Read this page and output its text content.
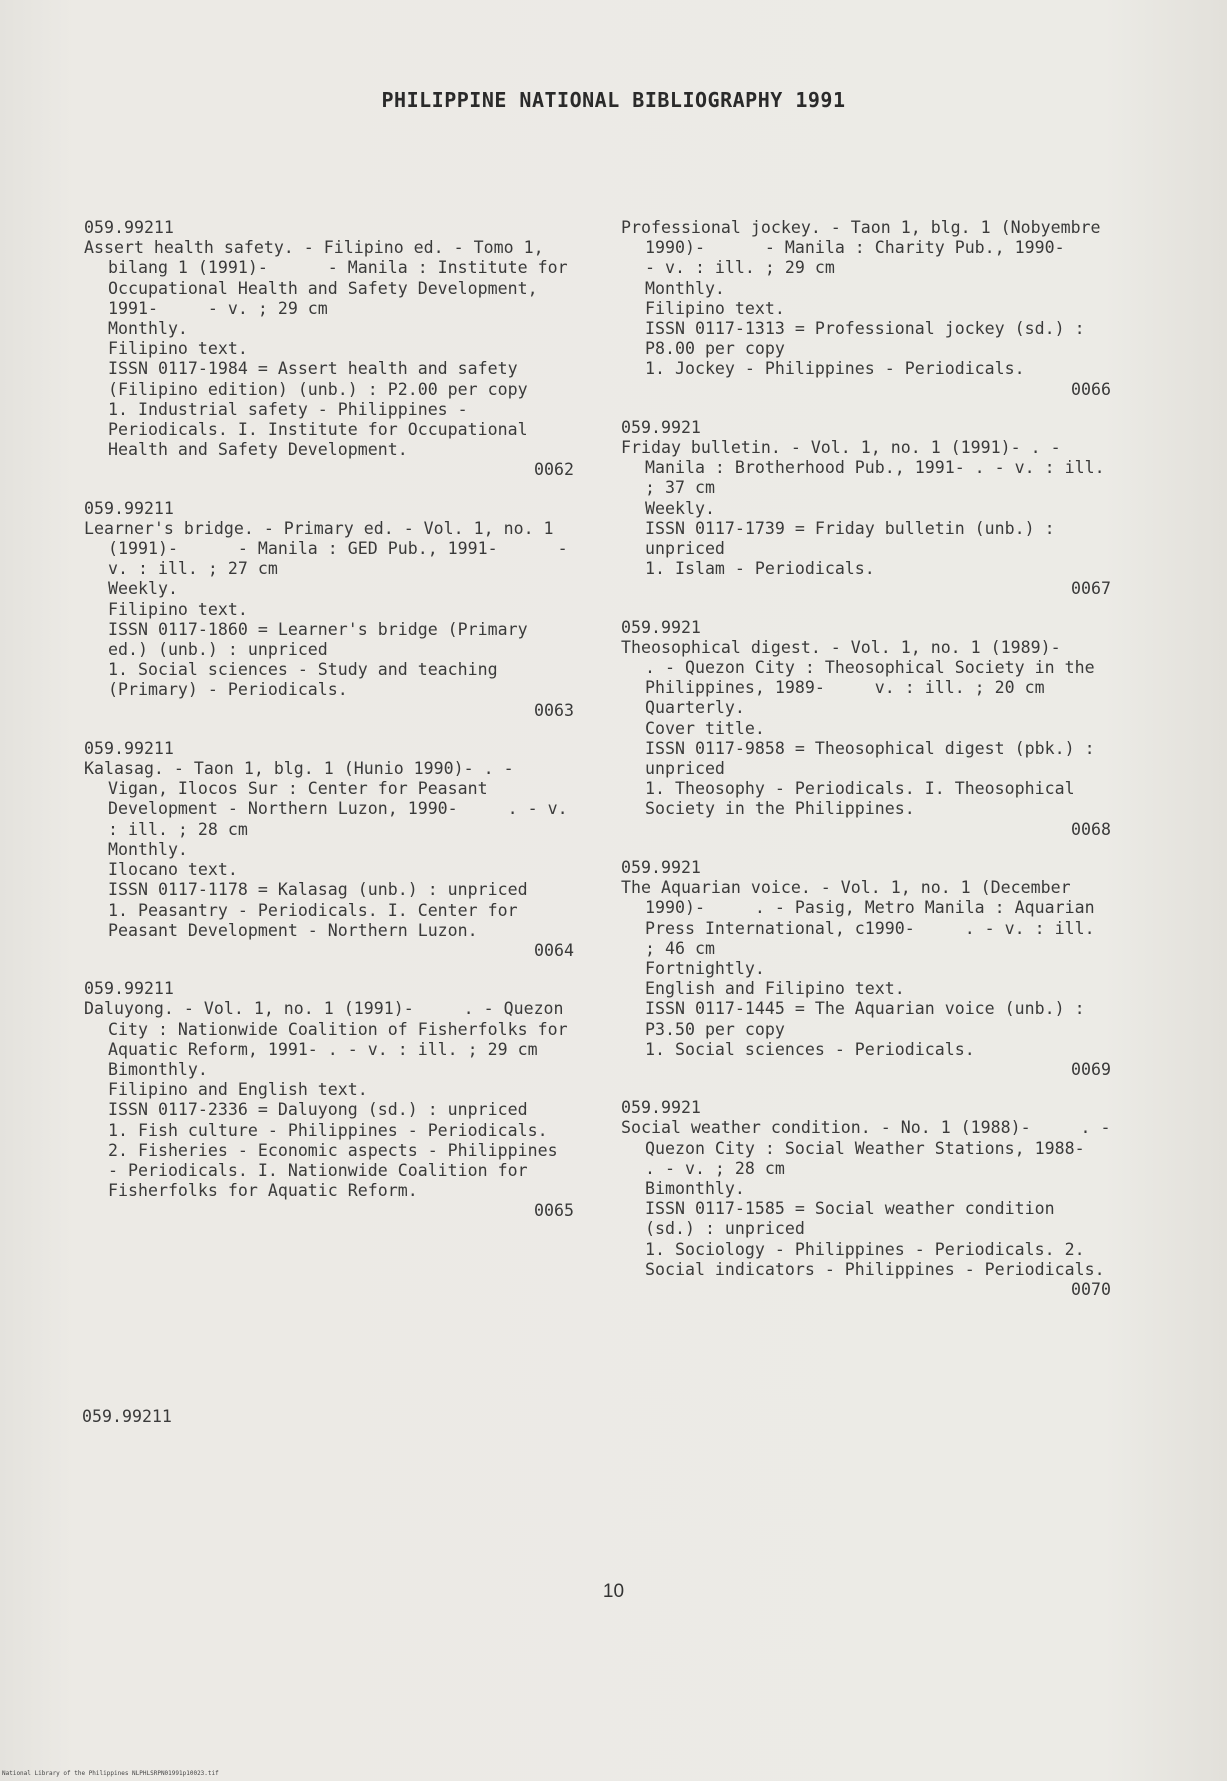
PHILIPPINE NATIONAL BIBLIOGRAPHY 1991
059.99211
Assert health safety. - Filipino ed. - Tomo 1, bilang 1 (1991)-      - Manila : Institute for Occupational Health and Safety Development, 1991-     - v. ; 29 cm
Monthly.
Filipino text.
ISSN 0117-1984 = Assert health and safety (Filipino edition) (unb.) : P2.00 per copy
1. Industrial safety - Philippines - Periodicals. I. Institute for Occupational Health and Safety Development.
0062
059.99211
Learner's bridge. - Primary ed. - Vol. 1, no. 1 (1991)-      - Manila : GED Pub., 1991-      - v. : ill. ; 27 cm
Weekly.
Filipino text.
ISSN 0117-1860 = Learner's bridge (Primary ed.) (unb.) : unpriced
1. Social sciences - Study and teaching (Primary) - Periodicals.
0063
059.99211
Kalasag. - Taon 1, blg. 1 (Hunio 1990)- . - Vigan, Ilocos Sur : Center for Peasant Development - Northern Luzon, 1990-     . - v. : ill. ; 28 cm
Monthly.
Ilocano text.
ISSN 0117-1178 = Kalasag (unb.) : unpriced
1. Peasantry - Periodicals. I. Center for Peasant Development - Northern Luzon.
0064
059.99211
Daluyong. - Vol. 1, no. 1 (1991)-     . - Quezon City : Nationwide Coalition of Fisherfolks for Aquatic Reform, 1991- . - v. : ill. ; 29 cm
Bimonthly.
Filipino and English text.
ISSN 0117-2336 = Daluyong (sd.) : unpriced
1. Fish culture - Philippines - Periodicals. 2. Fisheries - Economic aspects - Philippines - Periodicals. I. Nationwide Coalition for Fisherfolks for Aquatic Reform.
0065
059.99211
Professional jockey. - Taon 1, blg. 1 (Nobyembre 1990)-      - Manila : Charity Pub., 1990-        - v. : ill. ; 29 cm
Monthly.
Filipino text.
ISSN 0117-1313 = Professional jockey (sd.) : P8.00 per copy
1. Jockey - Philippines - Periodicals.
0066
059.9921
Friday bulletin. - Vol. 1, no. 1 (1991)- . - Manila : Brotherhood Pub., 1991- . - v. : ill. ; 37 cm
Weekly.
ISSN 0117-1739 = Friday bulletin (unb.) : unpriced
1. Islam - Periodicals.
0067
059.9921
Theosophical digest. - Vol. 1, no. 1 (1989)-     . - Quezon City : Theosophical Society in the Philippines, 1989-     v. : ill. ; 20 cm
Quarterly.
Cover title.
ISSN 0117-9858 = Theosophical digest (pbk.) : unpriced
1. Theosophy - Periodicals. I. Theosophical Society in the Philippines.
0068
059.9921
The Aquarian voice. - Vol. 1, no. 1 (December 1990)-     . - Pasig, Metro Manila : Aquarian Press International, c1990-     . - v. : ill. ; 46 cm
Fortnightly.
English and Filipino text.
ISSN 0117-1445 = The Aquarian voice (unb.) : P3.50 per copy
1. Social sciences - Periodicals.
0069
059.9921
Social weather condition. - No. 1 (1988)-     . - Quezon City : Social Weather Stations, 1988-      . - v. ; 28 cm
Bimonthly.
ISSN 0117-1585 = Social weather condition (sd.) : unpriced
1. Sociology - Philippines - Periodicals. 2. Social indicators - Philippines - Periodicals.
0070
10
National Library of the Philippines NLPHLSRPN01991p10023.tif
